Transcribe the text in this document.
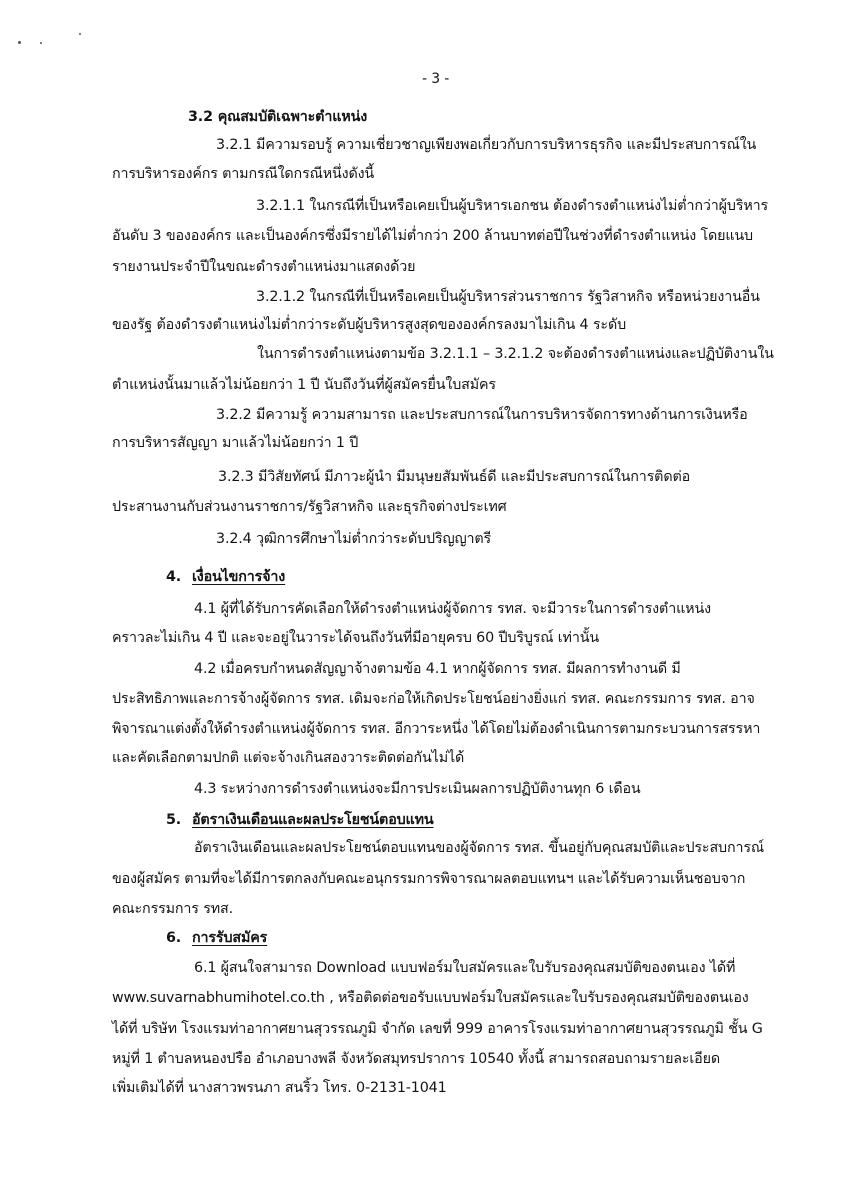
- 3 -
3.2 คุณสมบัติเฉพาะตำแหน่ง
3.2.1 มีความรอบรู้ ความเชี่ยวชาญเพียงพอเกี่ยวกับการบริหารธุรกิจ และมีประสบการณ์ใน
การบริหารองค์กร ตามกรณีใดกรณีหนึ่งดังนี้
3.2.1.1 ในกรณีที่เป็นหรือเคยเป็นผู้บริหารเอกชน ต้องดำรงตำแหน่งไม่ต่ำกว่าผู้บริหาร
อันดับ 3 ขององค์กร และเป็นองค์กรซึ่งมีรายได้ไม่ต่ำกว่า 200 ล้านบาทต่อปีในช่วงที่ดำรงตำแหน่ง โดยแนบ
รายงานประจำปีในขณะดำรงตำแหน่งมาแสดงด้วย
3.2.1.2 ในกรณีที่เป็นหรือเคยเป็นผู้บริหารส่วนราชการ รัฐวิสาหกิจ หรือหน่วยงานอื่น
ของรัฐ ต้องดำรงตำแหน่งไม่ต่ำกว่าระดับผู้บริหารสูงสุดขององค์กรลงมาไม่เกิน 4 ระดับ
ในการดำรงตำแหน่งตามข้อ 3.2.1.1 – 3.2.1.2 จะต้องดำรงตำแหน่งและปฏิบัติงานใน
ตำแหน่งนั้นมาแล้วไม่น้อยกว่า 1 ปี นับถึงวันที่ผู้สมัครยื่นใบสมัคร
3.2.2 มีความรู้ ความสามารถ และประสบการณ์ในการบริหารจัดการทางด้านการเงินหรือ
การบริหารสัญญา มาแล้วไม่น้อยกว่า 1 ปี
3.2.3 มีวิสัยทัศน์ มีภาวะผู้นำ มีมนุษยสัมพันธ์ดี และมีประสบการณ์ในการติดต่อ
ประสานงานกับส่วนงานราชการ/รัฐวิสาหกิจ และธุรกิจต่างประเทศ
3.2.4 วุฒิการศึกษาไม่ต่ำกว่าระดับปริญญาตรี
4. เงื่อนไขการจ้าง
4.1 ผู้ที่ได้รับการคัดเลือกให้ดำรงตำแหน่งผู้จัดการ รทส. จะมีวาระในการดำรงตำแหน่ง
คราวละไม่เกิน 4 ปี และจะอยู่ในวาระได้จนถึงวันที่มีอายุครบ 60 ปีบริบูรณ์ เท่านั้น
4.2 เมื่อครบกำหนดสัญญาจ้างตามข้อ 4.1 หากผู้จัดการ รทส. มีผลการทำงานดี มี
ประสิทธิภาพและการจ้างผู้จัดการ รทส. เดิมจะก่อให้เกิดประโยชน์อย่างยิ่งแก่ รทส. คณะกรรมการ รทส. อาจ
พิจารณาแต่งตั้งให้ดำรงตำแหน่งผู้จัดการ รทส. อีกวาระหนึ่ง ได้โดยไม่ต้องดำเนินการตามกระบวนการสรรหา
และคัดเลือกตามปกติ แต่จะจ้างเกินสองวาระติดต่อกันไม่ได้
4.3 ระหว่างการดำรงตำแหน่งจะมีการประเมินผลการปฏิบัติงานทุก 6 เดือน
5. อัตราเงินเดือนและผลประโยชน์ตอบแทน
อัตราเงินเดือนและผลประโยชน์ตอบแทนของผู้จัดการ รทส. ขึ้นอยู่กับคุณสมบัติและประสบการณ์
ของผู้สมัคร ตามที่จะได้มีการตกลงกับคณะอนุกรรมการพิจารณาผลตอบแทนฯ และได้รับความเห็นชอบจาก
คณะกรรมการ รทส.
6. การรับสมัคร
6.1 ผู้สนใจสามารถ Download แบบฟอร์มใบสมัครและใบรับรองคุณสมบัติของตนเอง ได้ที่
www.suvarnabhumihotel.co.th , หรือติดต่อขอรับแบบฟอร์มใบสมัครและใบรับรองคุณสมบัติของตนเอง
ได้ที่ บริษัท โรงแรมท่าอากาศยานสุวรรณภูมิ จำกัด เลขที่ 999 อาคารโรงแรมท่าอากาศยานสุวรรณภูมิ ชั้น G
หมู่ที่ 1 ตำบลหนองปรือ อำเภอบางพลี จังหวัดสมุทรปราการ 10540 ทั้งนี้ สามารถสอบถามรายละเอียด
เพิ่มเติมได้ที่ นางสาวพรนภา สนริ้ว โทร. 0-2131-1041
